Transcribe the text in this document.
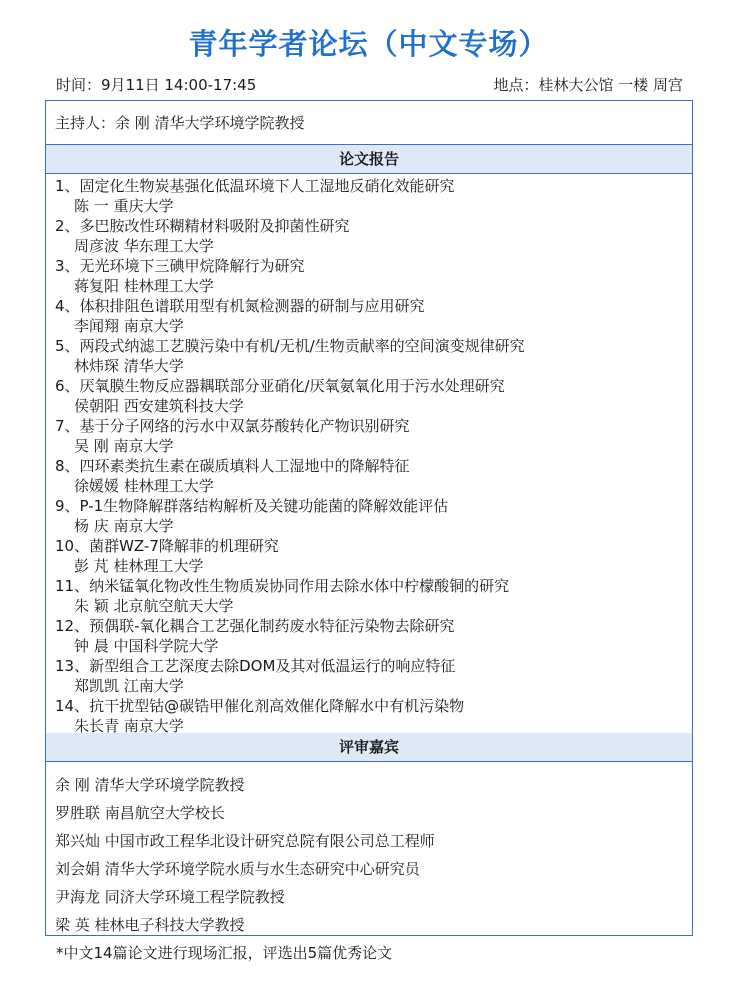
青年学者论坛（中文专场）
时间：9月11日 14:00-17:45	地点：桂林大公馆 一楼 周宫
主持人：余 刚 清华大学环境学院教授
论文报告
1、固定化生物炭基强化低温环境下人工湿地反硝化效能研究
陈 一 重庆大学
2、多巴胺改性环糊精材料吸附及抑菌性研究
周彦波 华东理工大学
3、无光环境下三碘甲烷降解行为研究
蒋复阳 桂林理工大学
4、体积排阻色谱联用型有机氮检测器的研制与应用研究
李闻翔 南京大学
5、两段式纳滤工艺膜污染中有机/无机/生物贡献率的空间演变规律研究
林炜琛 清华大学
6、厌氧膜生物反应器耦联部分亚硝化/厌氧氨氧化用于污水处理研究
侯朝阳 西安建筑科技大学
7、基于分子网络的污水中双氯芬酸转化产物识别研究
吴 刚 南京大学
8、四环素类抗生素在碳质填料人工湿地中的降解特征
徐媛媛 桂林理工大学
9、P-1生物降解群落结构解析及关键功能菌的降解效能评估
杨 庆 南京大学
10、菌群WZ-7降解菲的机理研究
彭 芃 桂林理工大学
11、纳米锰氧化物改性生物质炭协同作用去除水体中柠檬酸铜的研究
朱 颖 北京航空航天大学
12、预偶联-氧化耦合工艺强化制药废水特征污染物去除研究
钟 晨 中国科学院大学
13、新型组合工艺深度去除DOM及其对低温运行的响应特征
郑凯凯 江南大学
14、抗干扰型钴@碳锆甲催化剂高效催化降解水中有机污染物
朱长青 南京大学
评审嘉宾
余 刚 清华大学环境学院教授
罗胜联 南昌航空大学校长
郑兴灿 中国市政工程华北设计研究总院有限公司总工程师
刘会娟 清华大学环境学院水质与水生态研究中心研究员
尹海龙 同济大学环境工程学院教授
梁 英 桂林电子科技大学教授
*中文14篇论文进行现场汇报，评选出5篇优秀论文
